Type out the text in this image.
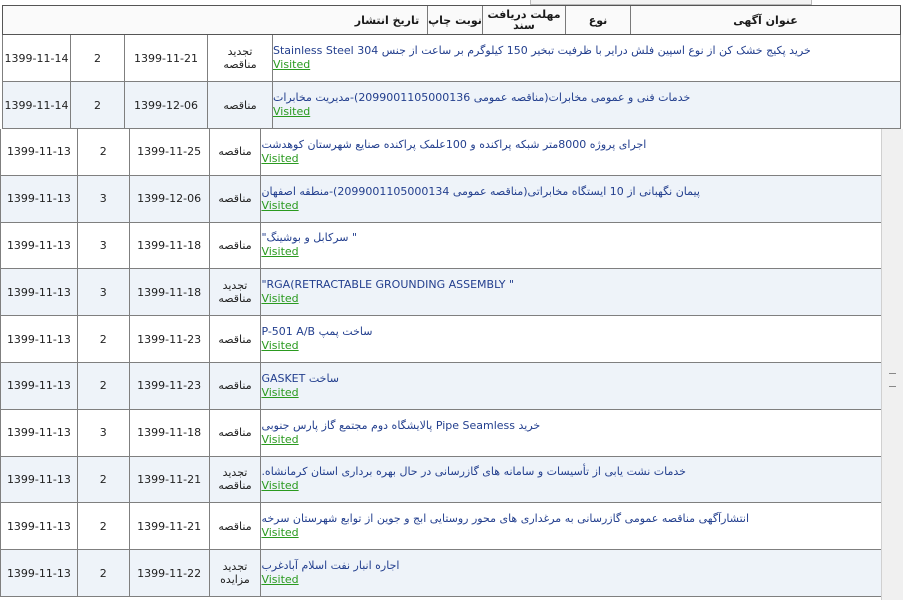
عنوان آگهی
نوع
مهلت دریافت سند
نوبت چاپ
تاریخ انتشار
خرید پکیج خشک کن از نوع اسپین فلش درایر با ظرفیت تبخیر 150 کیلوگرم بر ساعت از جنس Stainless Steel 304
Visited
تجدید مناقصه
1399-11-21
2
1399-11-14
خدمات فنی و عمومی مخابرات(مناقصه عمومی 2099001105000136)-مدیریت مخابرات
Visited
مناقصه
1399-12-06
2
1399-11-14
اجرای پروژه 8000متر شبکه پراکنده و 100علمک پراکنده صنایع شهرستان کوهدشت
Visited
مناقصه
1399-11-25
2
1399-11-13
پیمان نگهبانی از 10 ایستگاه مخابراتی(مناقصه عمومی 2099001105000134)-منطقه اصفهان
Visited
مناقصه
1399-12-06
3
1399-11-13
" سرکابل و بوشینگ"
Visited
مناقصه
1399-11-18
3
1399-11-13
" RGA(RETRACTABLE GROUNDING ASSEMBLY"
Visited
تجدید مناقصه
1399-11-18
3
1399-11-13
ساخت پمپ P-501 A/B
Visited
مناقصه
1399-11-23
2
1399-11-13
ساخت GASKET
Visited
مناقصه
1399-11-23
2
1399-11-13
خرید Pipe Seamless پالایشگاه دوم مجتمع گاز پارس جنوبی
Visited
مناقصه
1399-11-18
3
1399-11-13
خدمات نشت یابی از تأسیسات و سامانه های گازرسانی در حال بهره برداری استان کرمانشاه.
Visited
تجدید مناقصه
1399-11-21
2
1399-11-13
انتشارآگهی مناقصه عمومی گازرسانی به مرغداری های محور روستایی ابج و جوین از توابع شهرستان سرخه
Visited
مناقصه
1399-11-21
2
1399-11-13
اجاره انبار نفت اسلام آبادغرب
Visited
تجدید مزایده
1399-11-22
2
1399-11-13
